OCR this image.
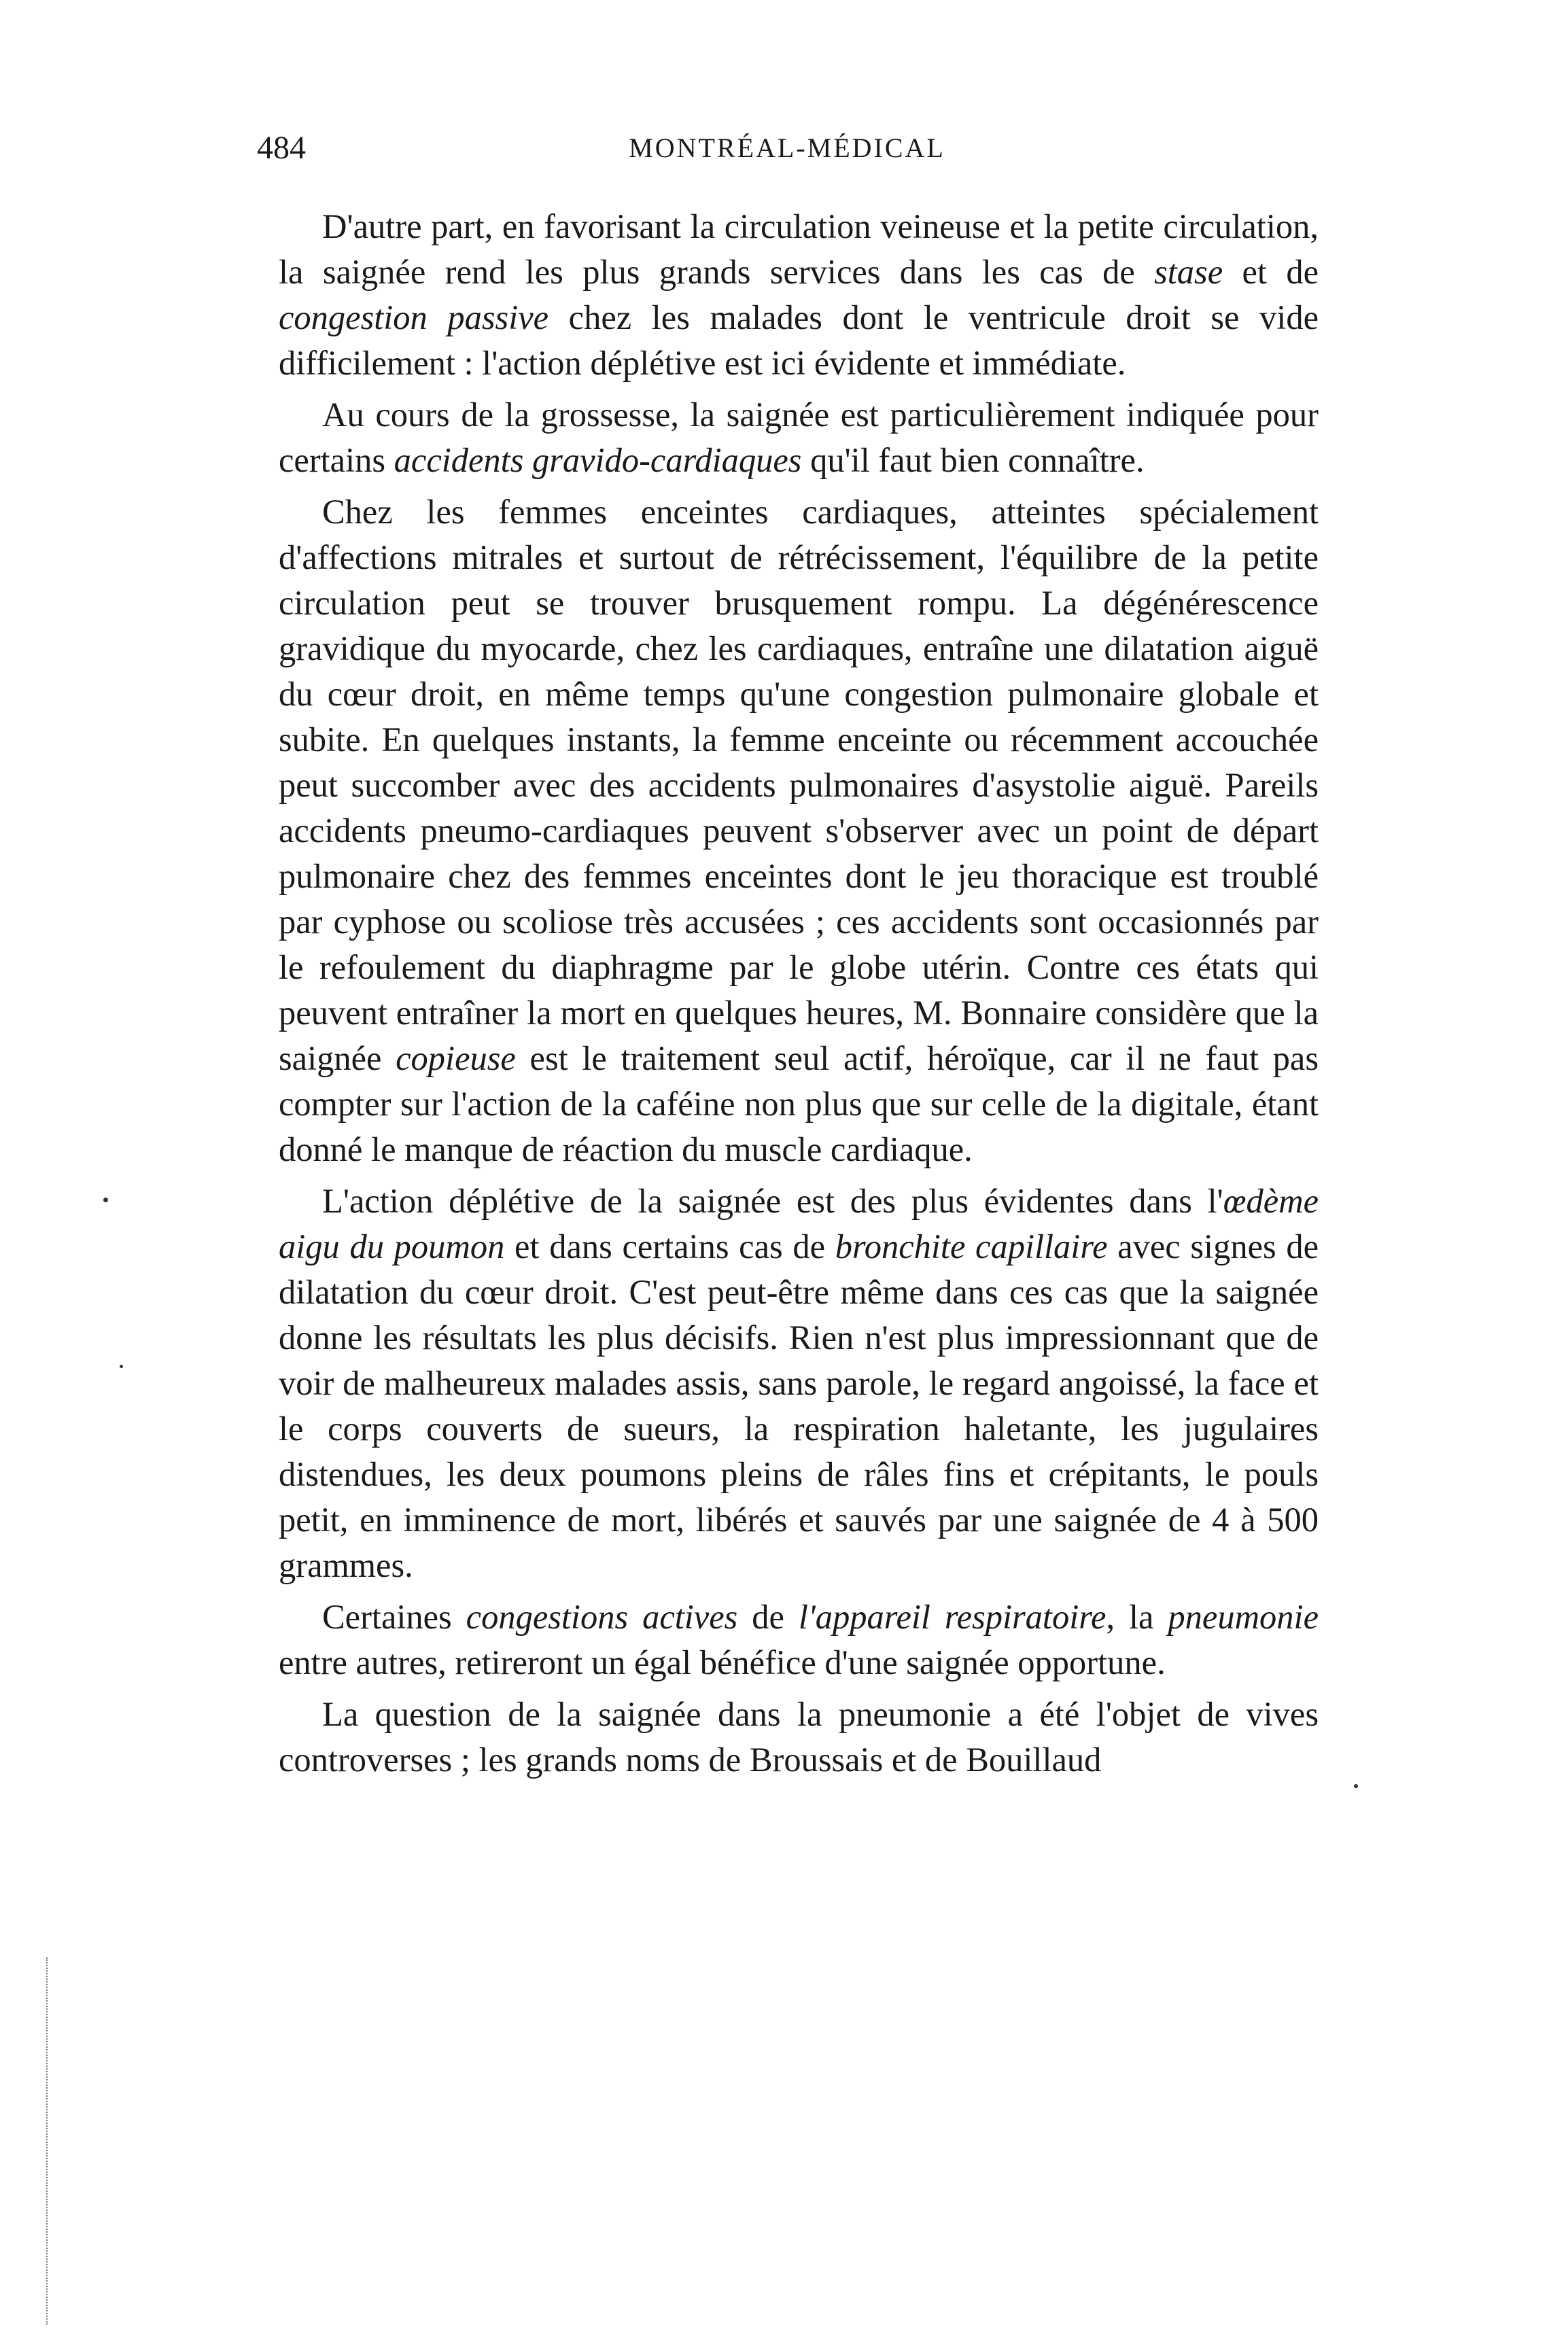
484	MONTRÉAL-MÉDICAL

D'autre part, en favorisant la circulation veineuse et la petite circulation, la saignée rend les plus grands services dans les cas de stase et de congestion passive chez les malades dont le ventricule droit se vide difficilement : l'action déplétive est ici évidente et immédiate.

Au cours de la grossesse, la saignée est particulièrement indiquée pour certains accidents gravido-cardiaques qu'il faut bien connaître.

Chez les femmes enceintes cardiaques, atteintes spécialement d'affections mitrales et surtout de rétrécissement, l'équilibre de la petite circulation peut se trouver brusquement rompu. La dégénérescence gravidique du myocarde, chez les cardiaques, entraîne une dilatation aiguë du cœur droit, en même temps qu'une congestion pulmonaire globale et subite. En quelques instants, la femme enceinte ou récemment accouchée peut succomber avec des accidents pulmonaires d'asystolie aiguë. Pareils accidents pneumo-cardiaques peuvent s'observer avec un point de départ pulmonaire chez des femmes enceintes dont le jeu thoracique est troublé par cyphose ou scoliose très accusées ; ces accidents sont occasionnés par le refoulement du diaphragme par le globe utérin. Contre ces états qui peuvent entraîner la mort en quelques heures, M. Bonnaire considère que la saignée copieuse est le traitement seul actif, héroïque, car il ne faut pas compter sur l'action de la caféine non plus que sur celle de la digitale, étant donné le manque de réaction du muscle cardiaque.

L'action déplétive de la saignée est des plus évidentes dans l'œdème aigu du poumon et dans certains cas de bronchite capillaire avec signes de dilatation du cœur droit. C'est peut-être même dans ces cas que la saignée donne les résultats les plus décisifs. Rien n'est plus impressionnant que de voir de malheureux malades assis, sans parole, le regard angoissé, la face et le corps couverts de sueurs, la respiration haletante, les jugulaires distendues, les deux poumons pleins de râles fins et crépitants, le pouls petit, en imminence de mort, libérés et sauvés par une saignée de 4 à 500 grammes.

Certaines congestions actives de l'appareil respiratoire, la pneumonie entre autres, retireront un égal bénéfice d'une saignée opportune.

La question de la saignée dans la pneumonie a été l'objet de vives controverses ; les grands noms de Broussais et de Bouillaud
